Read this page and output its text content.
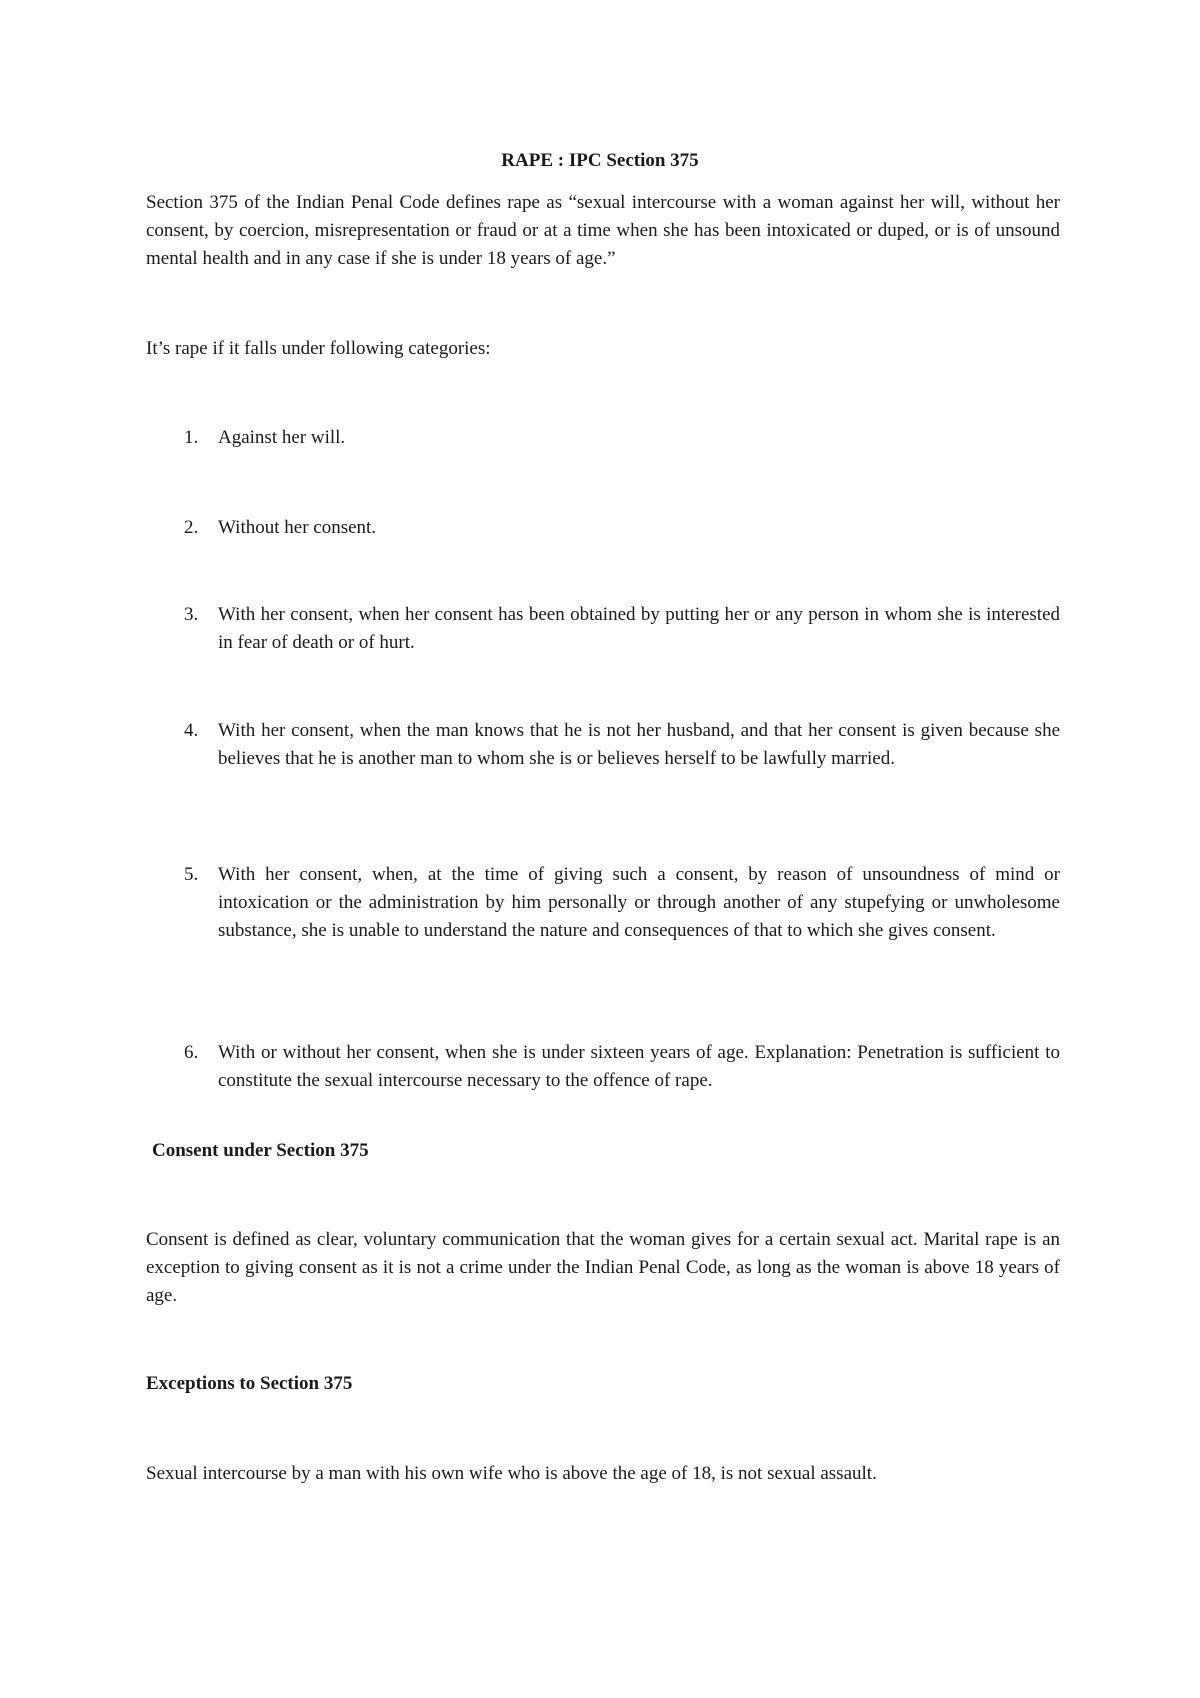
RAPE : IPC Section 375

Section 375 of the Indian Penal Code defines rape as “sexual intercourse with a woman against her will, without her consent, by coercion, misrepresentation or fraud or at a time when she has been intoxicated or duped, or is of unsound mental health and in any case if she is under 18 years of age.”

It’s rape if it falls under following categories:

1.	Against her will.

2.	Without her consent.

3.	With her consent, when her consent has been obtained by putting her or any person in whom she is interested in fear of death or of hurt.

4.	With her consent, when the man knows that he is not her husband, and that her consent is given because she believes that he is another man to whom she is or believes herself to be lawfully married.

5.	With her consent, when, at the time of giving such a consent, by reason of unsoundness of mind or intoxication or the administration by him personally or through another of any stupefying or unwholesome substance, she is unable to understand the nature and consequences of that to which she gives consent.

6.	With or without her consent, when she is under sixteen years of age. Explanation: Penetration is sufficient to constitute the sexual intercourse necessary to the offence of rape.

Consent under Section 375

Consent is defined as clear, voluntary communication that the woman gives for a certain sexual act. Marital rape is an exception to giving consent as it is not a crime under the Indian Penal Code, as long as the woman is above 18 years of age.

Exceptions to Section 375

Sexual intercourse by a man with his own wife who is above the age of 18, is not sexual assault.
